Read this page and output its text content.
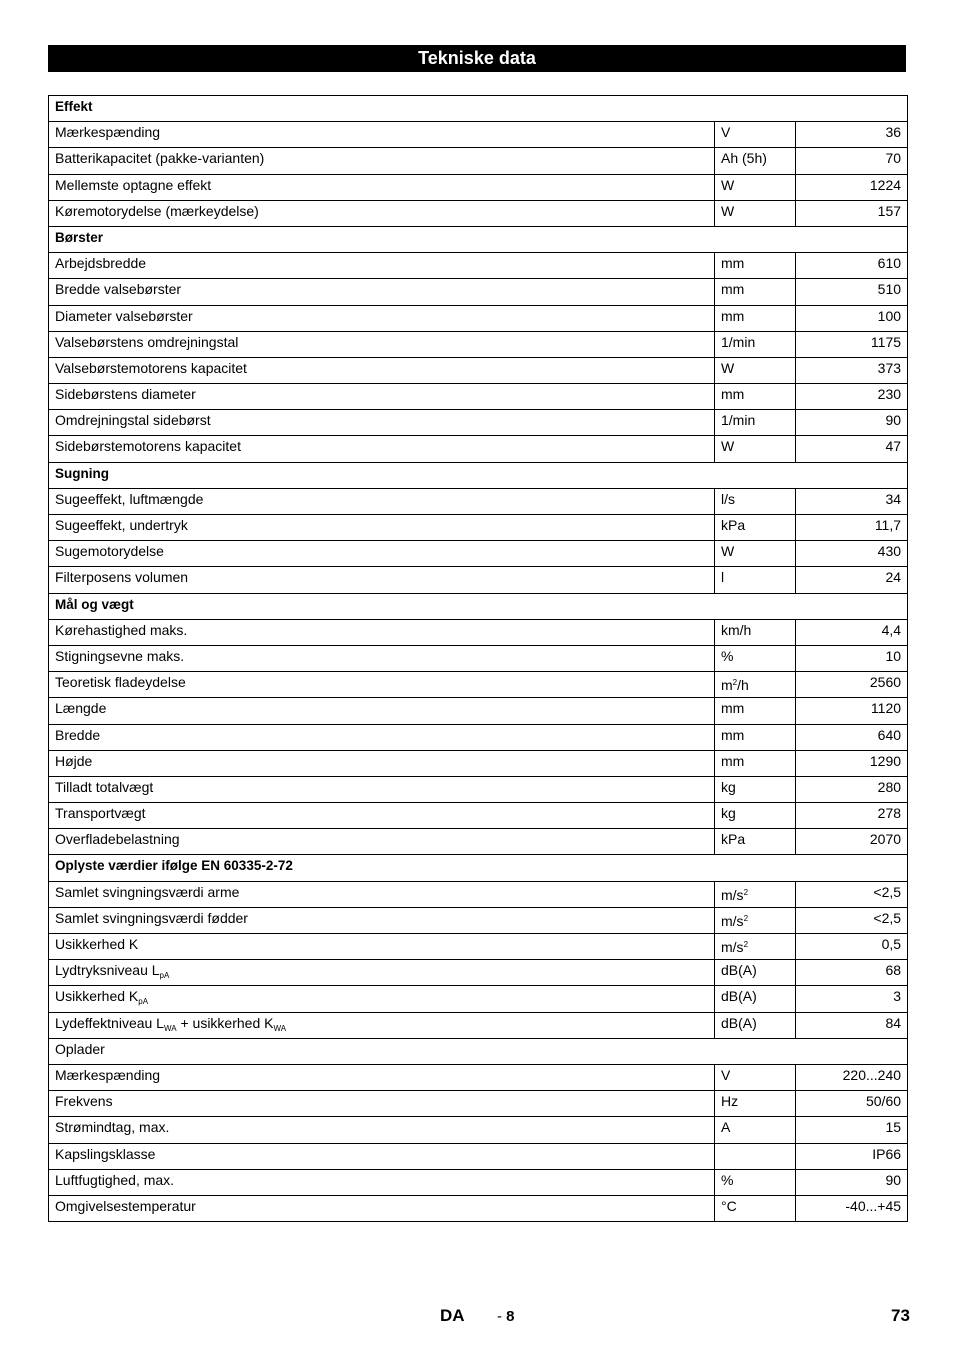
Tekniske data
Effekt		
Mærkespænding	V	36
Batterikapacitet (pakke-varianten)	Ah (5h)	70
Mellemste optagne effekt	W	1224
Køremotorydelse (mærkeydelse)	W	157
Børster		
Arbejdsbredde	mm	610
Bredde valsebørster	mm	510
Diameter valsebørster	mm	100
Valsebørstens omdrejningstal	1/min	1175
Valsebørstemotorens kapacitet	W	373
Sidebørstens diameter	mm	230
Omdrejningstal sidebørst	1/min	90
Sidebørstemotorens kapacitet	W	47
Sugning		
Sugeeffekt, luftmængde	l/s	34
Sugeeffekt, undertryk	kPa	11,7
Sugemotorydelse	W	430
Filterposens volumen	l	24
Mål og vægt		
Kørehastighed maks.	km/h	4,4
Stigningsevne maks.	%	10
Teoretisk fladeydelse	$m^2/h$	2560
Længde	mm	1120
Bredde	mm	640
Højde	mm	1290
Tilladt totalvægt	kg	280
Transportvægt	kg	278
Overfladebelastning	kPa	2070
Oplyste værdier ifølge EN 60335-2-72		
Samlet svingningsværdi arme	$m/s^2$	<2,5
Samlet svingningsværdi fødder	$m/s^2$	<2,5
Usikkerhed K	$m/s^2$	0,5
Lydtryksniveau $L_{pA}$	dB(A)	68
Usikkerhed $K_{pA}$	dB(A)	3
Lydeffektniveau $L_{WA}$ + usikkerhed $K_{WA}$	dB(A)	84
Oplader		
Mærkespænding	V	220...240
Frekvens	Hz	50/60
Strømindtag, max.	A	15
Kapslingsklasse		IP66
Luftfugtighed, max.	%	90
Omgivelsestemperatur	°C	-40...+45
DA - 8	73
